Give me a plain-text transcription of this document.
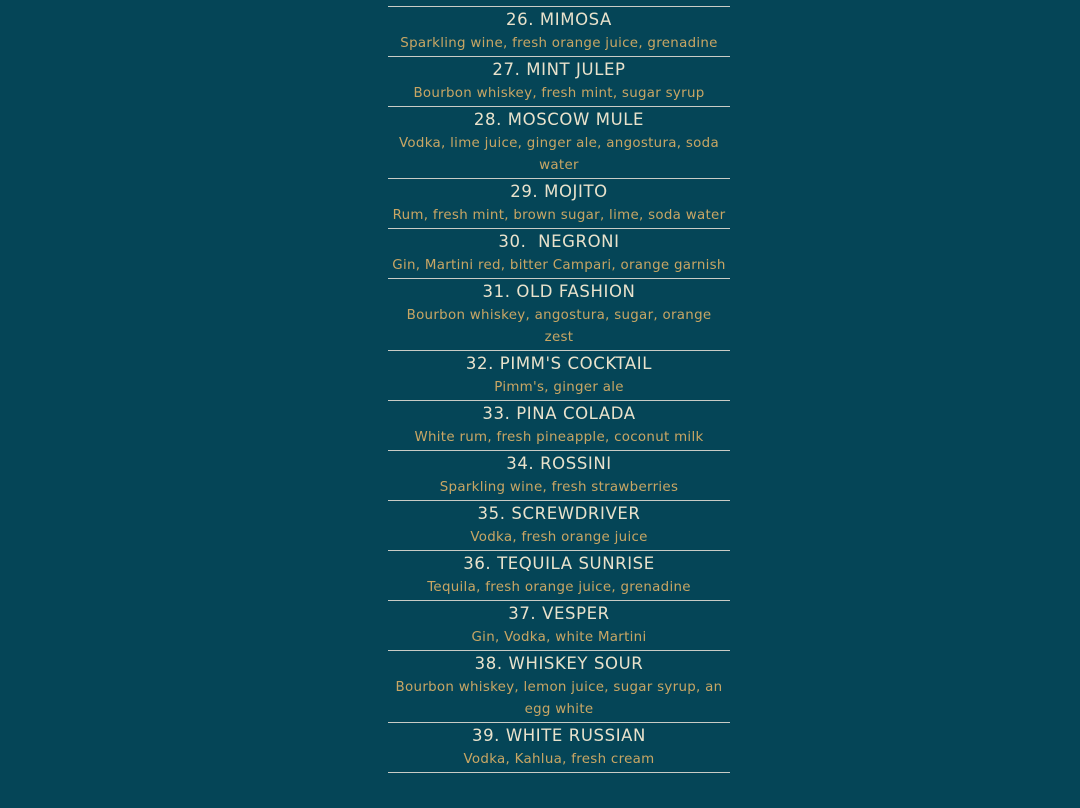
26. MIMOSA
Sparkling wine, fresh orange juice, grenadine
27. MINT JULEP
Bourbon whiskey, fresh mint, sugar syrup
28. MOSCOW MULE
Vodka, lime juice, ginger ale, angostura, soda water
29. MOJITO
Rum, fresh mint, brown sugar, lime, soda water
30.  NEGRONI
Gin, Martini red, bitter Campari, orange garnish
31. OLD FASHION
Bourbon whiskey, angostura, sugar, orange zest
32. PIMM'S COCKTAIL
Pimm's, ginger ale
33. PINA COLADA
White rum, fresh pineapple, coconut milk
34. ROSSINI
Sparkling wine, fresh strawberries
35. SCREWDRIVER
Vodka, fresh orange juice
36. TEQUILA SUNRISE
Tequila, fresh orange juice, grenadine
37. VESPER
Gin, Vodka, white Martini
38. WHISKEY SOUR
Bourbon whiskey, lemon juice, sugar syrup, an egg white
39. WHITE RUSSIAN
Vodka, Kahlua, fresh cream
